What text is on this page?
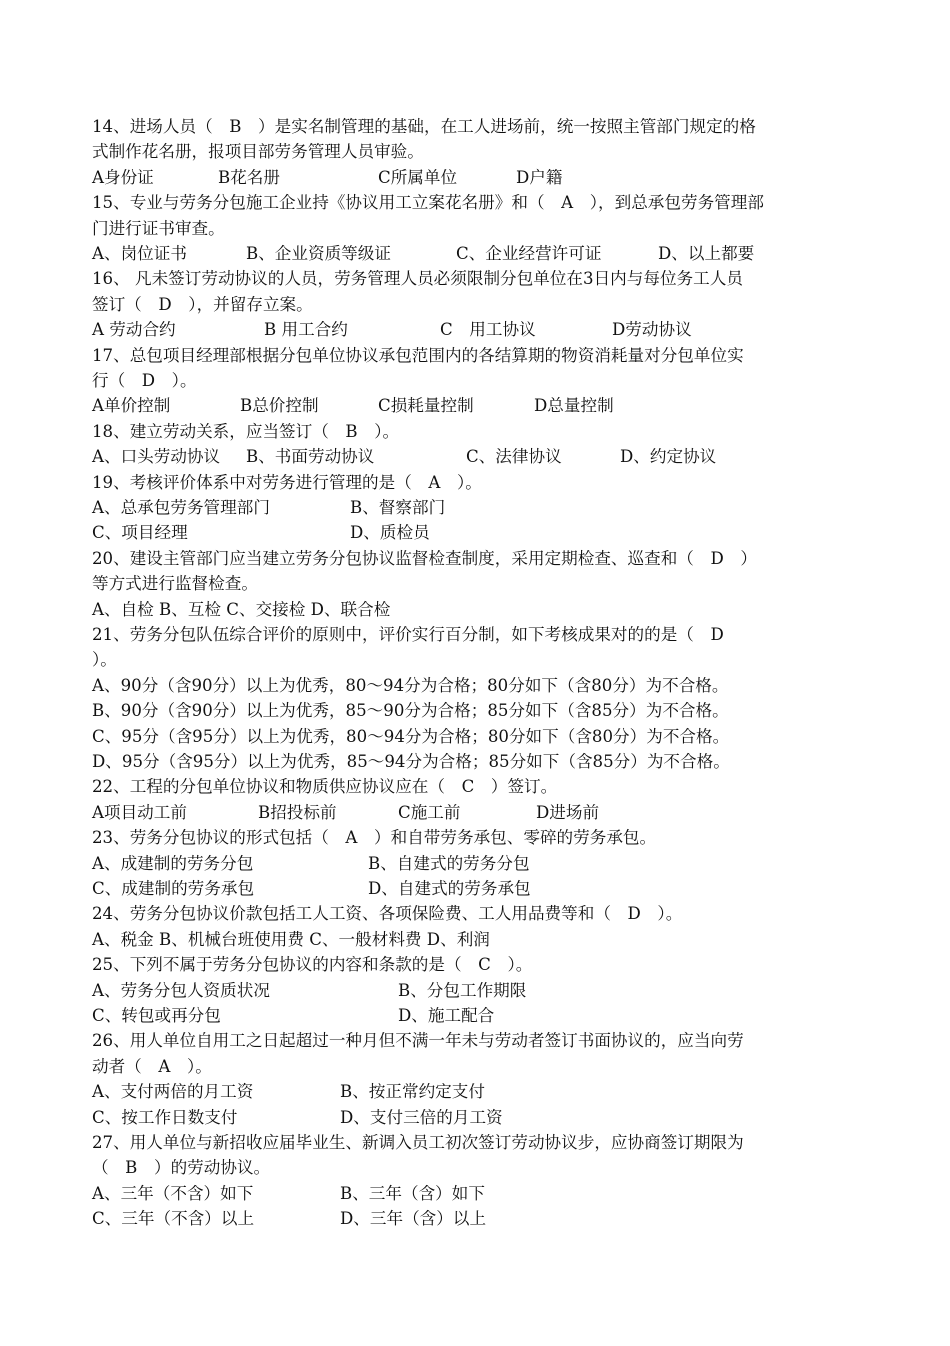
14、进场人员（　B　）是实名制管理的基础，在工人进场前，统一按照主管部门规定的格
式制作花名册，报项目部劳务管理人员审验。
A身份证	B花名册	C所属单位	D户籍
15、专业与劳务分包施工企业持《协议用工立案花名册》和（　A　），到总承包劳务管理部
门进行证书审查。
A、岗位证书	B、企业资质等级证	C、企业经营许可证	D、以上都要
16、 凡未签订劳动协议的人员，劳务管理人员必须限制分包单位在3日内与每位务工人员
签订（　D　），并留存立案。
A 劳动合约	B 用工合约	C　用工协议	D劳动协议
17、总包项目经理部根据分包单位协议承包范围内的各结算期的物资消耗量对分包单位实
行（　D　）。
A单价控制	B总价控制	C损耗量控制	D总量控制
18、建立劳动关系，应当签订（　B　）。
A、口头劳动协议 B、书面劳动协议	C、法律协议	D、约定协议
19、考核评价体系中对劳务进行管理的是（　A　）。
A、总承包劳务管理部门	B、督察部门
C、项目经理	D、质检员
20、建设主管部门应当建立劳务分包协议监督检查制度，采用定期检查、巡查和（　D　）
等方式进行监督检查。
A、自检 B、互检 C、交接检 D、联合检
21、劳务分包队伍综合评价的原则中，评价实行百分制，如下考核成果对的的是（　D
）。
A、90分（含90分）以上为优秀，80～94分为合格；80分如下（含80分）为不合格。
B、90分（含90分）以上为优秀，85～90分为合格；85分如下（含85分）为不合格。
C、95分（含95分）以上为优秀，80～94分为合格；80分如下（含80分）为不合格。
D、95分（含95分）以上为优秀，85～94分为合格；85分如下（含85分）为不合格。
22、工程的分包单位协议和物质供应协议应在（　C　）签订。
A项目动工前	B招投标前	C施工前	D进场前
23、劳务分包协议的形式包括（　A　）和自带劳务承包、零碎的劳务承包。
A、成建制的劳务分包	B、自建式的劳务分包
C、成建制的劳务承包	D、自建式的劳务承包
24、劳务分包协议价款包括工人工资、各项保险费、工人用品费等和（　D　）。
A、税金 B、机械台班使用费 C、一般材料费 D、利润
25、下列不属于劳务分包协议的内容和条款的是（　C　）。
A、劳务分包人资质状况	B、分包工作期限
C、转包或再分包	D、施工配合
26、用人单位自用工之日起超过一种月但不满一年未与劳动者签订书面协议的，应当向劳
动者（　A　）。
A、支付两倍的月工资	B、按正常约定支付
C、按工作日数支付	D、支付三倍的月工资
27、用人单位与新招收应届毕业生、新调入员工初次签订劳动协议步，应协商签订期限为
（　B　）的劳动协议。
A、三年（不含）如下	B、三年（含）如下
C、三年（不含）以上	D、三年（含）以上
